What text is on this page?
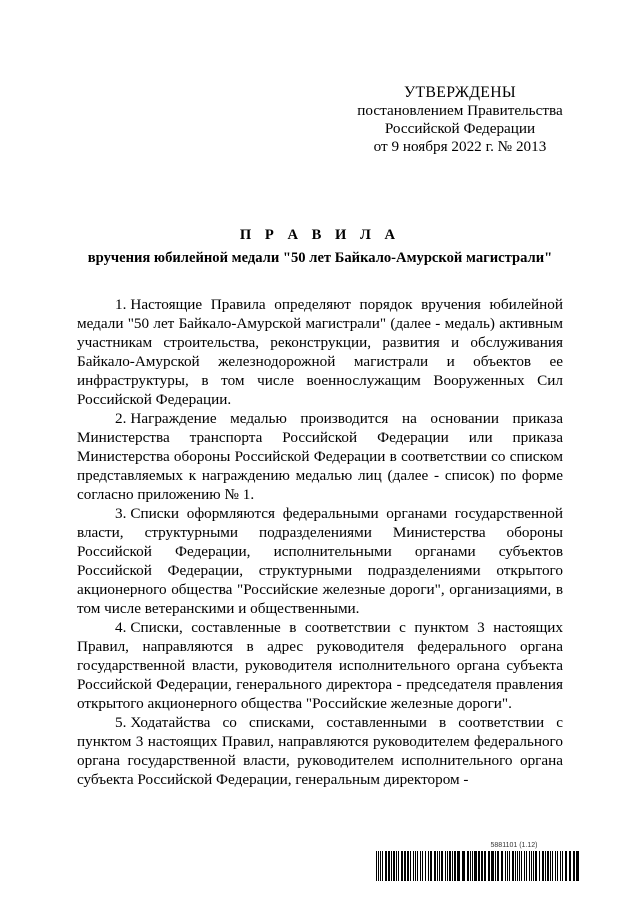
УТВЕРЖДЕНЫ
постановлением Правительства
Российской Федерации
от 9 ноября 2022 г. № 2013
П Р А В И Л А
вручения юбилейной медали "50 лет Байкало-Амурской магистрали"

1. Настоящие Правила определяют порядок вручения юбилейной медали "50 лет Байкало-Амурской магистрали" (далее - медаль) активным участникам строительства, реконструкции, развития и обслуживания Байкало-Амурской железнодорожной магистрали и объектов ее инфраструктуры, в том числе военнослужащим Вооруженных Сил Российской Федерации.

2. Награждение медалью производится на основании приказа Министерства транспорта Российской Федерации или приказа Министерства обороны Российской Федерации в соответствии со списком представляемых к награждению медалью лиц (далее - список) по форме согласно приложению № 1.

3. Списки оформляются федеральными органами государственной власти, структурными подразделениями Министерства обороны Российской Федерации, исполнительными органами субъектов Российской Федерации, структурными подразделениями открытого акционерного общества "Российские железные дороги", организациями, в том числе ветеранскими и общественными.

4. Списки, составленные в соответствии с пунктом 3 настоящих Правил, направляются в адрес руководителя федерального органа государственной власти, руководителя исполнительного органа субъекта Российской Федерации, генерального директора - председателя правления открытого акционерного общества "Российские железные дороги".

5. Ходатайства со списками, составленными в соответствии с пунктом 3 настоящих Правил, направляются руководителем федерального органа государственной власти, руководителем исполнительного органа субъекта Российской Федерации, генеральным директором -

5881101 (1.12)
